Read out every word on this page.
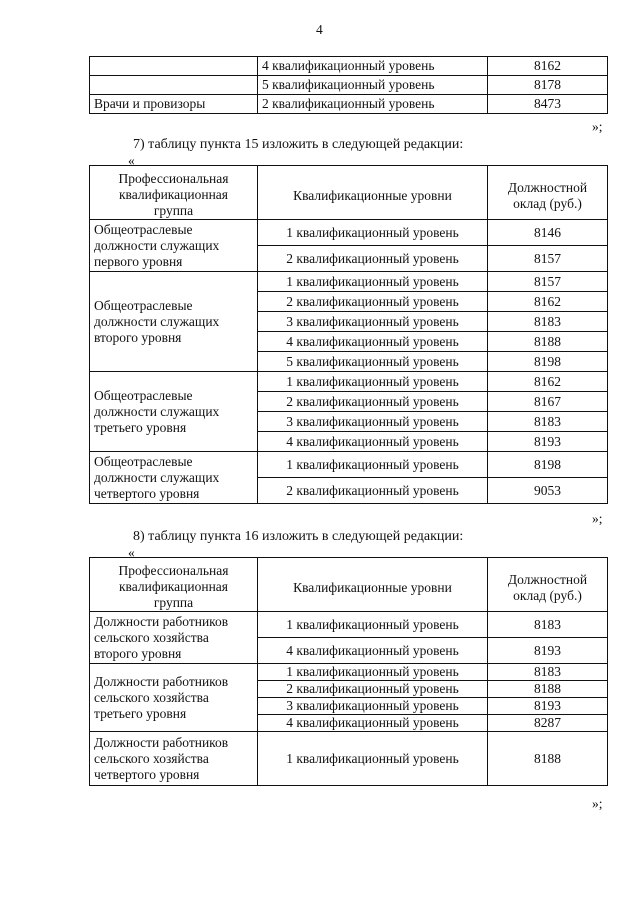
4
	4 квалификационный уровень	8162
	5 квалификационный уровень	8178
Врачи и провизоры	2 квалификационный уровень	8473
»;
7) таблицу пункта 15 изложить в следующей редакции:
«
Профессиональная
квалификационная
группа	Квалификационные уровни	Должностной
оклад (руб.)
Общеотраслевые
должности служащих
первого уровня	1 квалификационный уровень	8146
	2 квалификационный уровень	8157
Общеотраслевые
должности служащих
второго уровня	1 квалификационный уровень	8157
	2 квалификационный уровень	8162
	3 квалификационный уровень	8183
	4 квалификационный уровень	8188
	5 квалификационный уровень	8198
Общеотраслевые
должности служащих
третьего уровня	1 квалификационный уровень	8162
	2 квалификационный уровень	8167
	3 квалификационный уровень	8183
	4 квалификационный уровень	8193
Общеотраслевые
должности служащих
четвертого уровня	1 квалификационный уровень	8198
	2 квалификационный уровень	9053
»;
8) таблицу пункта 16 изложить в следующей редакции:
«
Профессиональная
квалификационная
группа	Квалификационные уровни	Должностной
оклад (руб.)
Должности работников
сельского хозяйства
второго уровня	1 квалификационный уровень	8183
	4 квалификационный уровень	8193
Должности работников
сельского хозяйства
третьего уровня	1 квалификационный уровень	8183
	2 квалификационный уровень	8188
	3 квалификационный уровень	8193
	4 квалификационный уровень	8287
Должности работников
сельского хозяйства
четвертого уровня	1 квалификационный уровень	8188
»;
